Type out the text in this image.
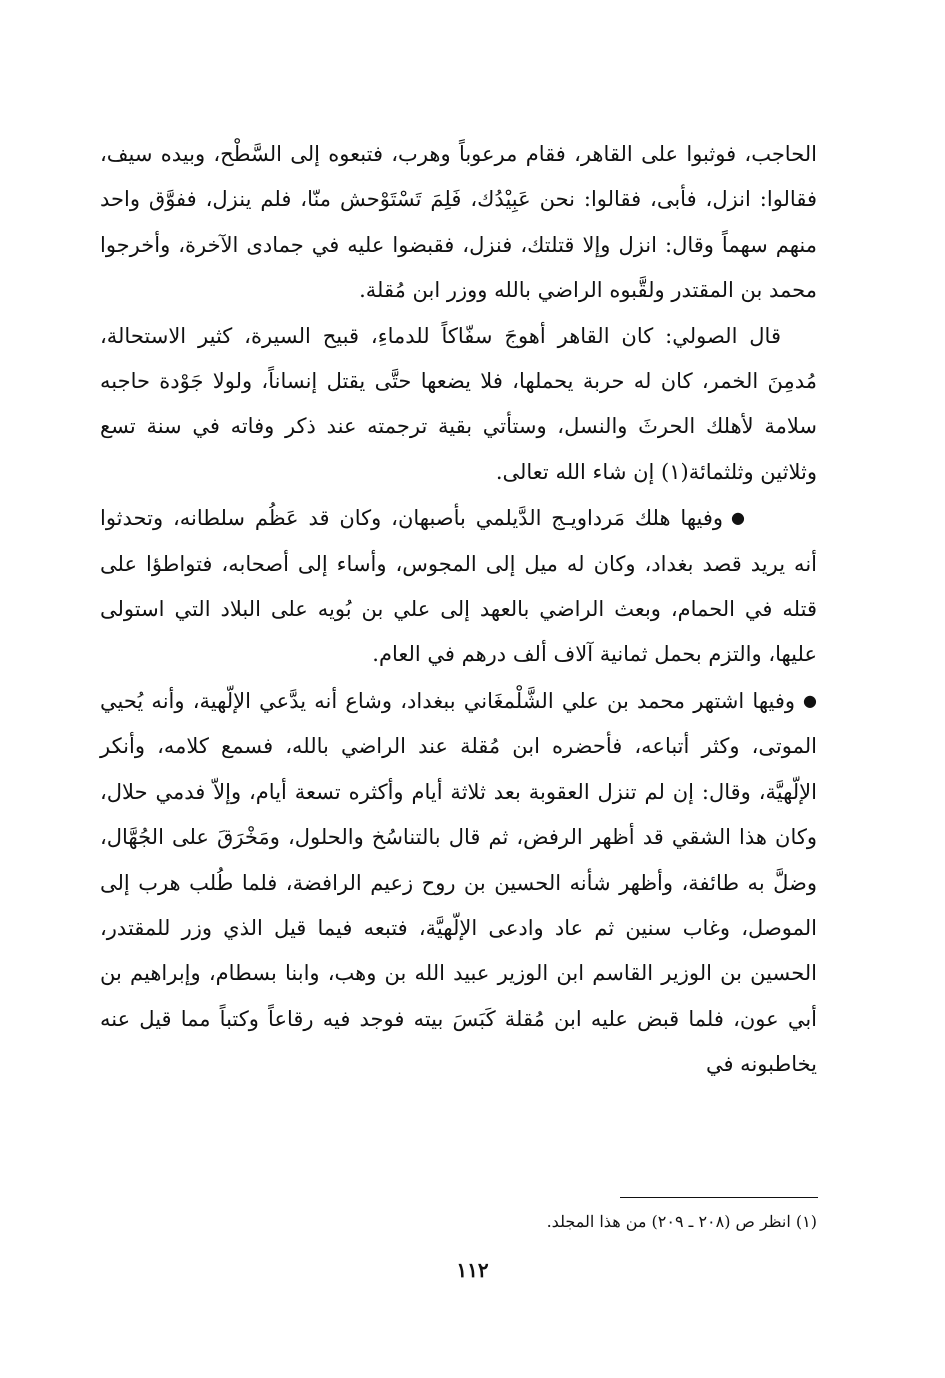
الحاجب، فوثبوا على القاهر، فقام مرعوباً وهرب، فتبعوه إلى السَّطْح، وبيده سيف، فقالوا: انزل، فأبى، فقالوا: نحن عَبِيْدُك، فَلِمَ تَسْتَوْحش منّا، فلم ينزل، ففوَّق واحد منهم سهماً وقال: انزل وإلا قتلتك، فنزل، فقبضوا عليه في جمادى الآخرة، وأخرجوا محمد بن المقتدر ولقَّبوه الراضي بالله ووزر ابن مُقلة.

قال الصولي: كان القاهر أهوجَ سفّاكاً للدماءِ، قبيح السيرة، كثير الاستحالة، مُدمِنَ الخمر، كان له حربة يحملها، فلا يضعها حتَّى يقتل إنساناً، ولولا جَوْدة حاجبه سلامة لأهلك الحرثَ والنسل، وستأتي بقية ترجمته عند ذكر وفاته في سنة تسع وثلاثين وثلثمائة(١) إن شاء الله تعالى.

●وفيها هلك مَرداويـج الدَّيلمي بأصبهان، وكان قد عَظُم سلطانه، وتحدثوا أنه يريد قصد بغداد، وكان له ميل إلى المجوس، وأساء إلى أصحابه، فتواطؤا على قتله في الحمام، وبعث الراضي بالعهد إلى علي بن بُويه على البلاد التي استولى عليها، والتزم بحمل ثمانية آلاف ألف درهم في العام.

●وفيها اشتهر محمد بن علي الشَّلْمغَاني ببغداد، وشاع أنه يدَّعي الإلّهية، وأنه يُحيي الموتى، وكثر أتباعه، فأحضره ابن مُقلة عند الراضي بالله، فسمع كلامه، وأنكر الإلّهيَّة، وقال: إن لم تنزل العقوبة بعد ثلاثة أيام وأكثره تسعة أيام، وإلاّ فدمي حلال، وكان هذا الشقي قد أظهر الرفض، ثم قال بالتناسُخ والحلول، ومَخْرَقَ على الجُهَّال، وضلَّ به طائفة، وأظهر شأنه الحسين بن روح زعيم الرافضة، فلما طُلب هرب إلى الموصل، وغاب سنين ثم عاد وادعى الإلّهيَّة، فتبعه فيما قيل الذي وزر للمقتدر، الحسين بن الوزير القاسم ابن الوزير عبيد الله بن وهب، وابنا بسطام، وإبراهيم بن أبي عون، فلما قبض عليه ابن مُقلة كَبَسَ بيته فوجد فيه رقاعاً وكتباً مما قيل عنه يخاطبونه في

(١) انظر ص (٢٠٨ ـ ٢٠٩) من هذا المجلد.
١١٢
